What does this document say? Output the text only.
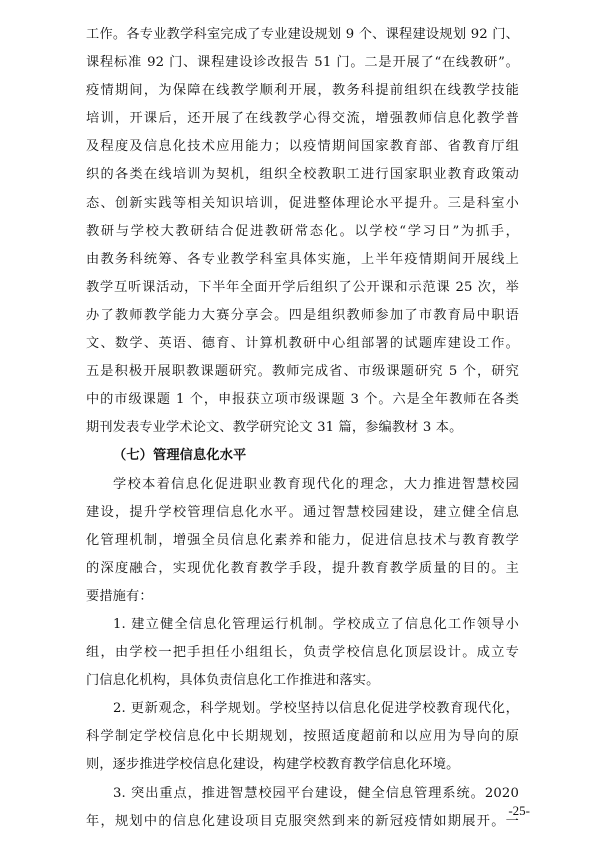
工作。各专业教学科室完成了专业建设规划 9 个、课程建设规划 92 门、
课程标准 92 门、课程建设诊改报告 51 门。二是开展了“在线教研”。
疫情期间，为保障在线教学顺利开展，教务科提前组织在线教学技能
培训，开课后，还开展了在线教学心得交流，增强教师信息化教学普
及程度及信息化技术应用能力；以疫情期间国家教育部、省教育厅组
织的各类在线培训为契机，组织全校教职工进行国家职业教育政策动
态、创新实践等相关知识培训，促进整体理论水平提升。三是科室小
教研与学校大教研结合促进教研常态化。以学校“学习日”为抓手，
由教务科统筹、各专业教学科室具体实施，上半年疫情期间开展线上
教学互听课活动，下半年全面开学后组织了公开课和示范课 25 次，举
办了教师教学能力大赛分享会。四是组织教师参加了市教育局中职语
文、数学、英语、德育、计算机教研中心组部署的试题库建设工作。
五是积极开展职教课题研究。教师完成省、市级课题研究 5 个，研究
中的市级课题 1 个，申报获立项市级课题 3 个。六是全年教师在各类
期刊发表专业学术论文、教学研究论文 31 篇，参编教材 3 本。
（七）管理信息化水平
学校本着信息化促进职业教育现代化的理念，大力推进智慧校园
建设，提升学校管理信息化水平。通过智慧校园建设，建立健全信息
化管理机制，增强全员信息化素养和能力，促进信息技术与教育教学
的深度融合，实现优化教育教学手段，提升教育教学质量的目的。主
要措施有：
1. 建立健全信息化管理运行机制。学校成立了信息化工作领导小
组，由学校一把手担任小组组长，负责学校信息化顶层设计。成立专
门信息化机构，具体负责信息化工作推进和落实。
2. 更新观念，科学规划。学校坚持以信息化促进学校教育现代化，
科学制定学校信息化中长期规划，按照适度超前和以应用为导向的原
则，逐步推进学校信息化建设，构建学校教育教学信息化环境。
3. 突出重点，推进智慧校园平台建设，健全信息管理系统。2020
年，规划中的信息化建设项目克服突然到来的新冠疫情如期展开。一
-25-
